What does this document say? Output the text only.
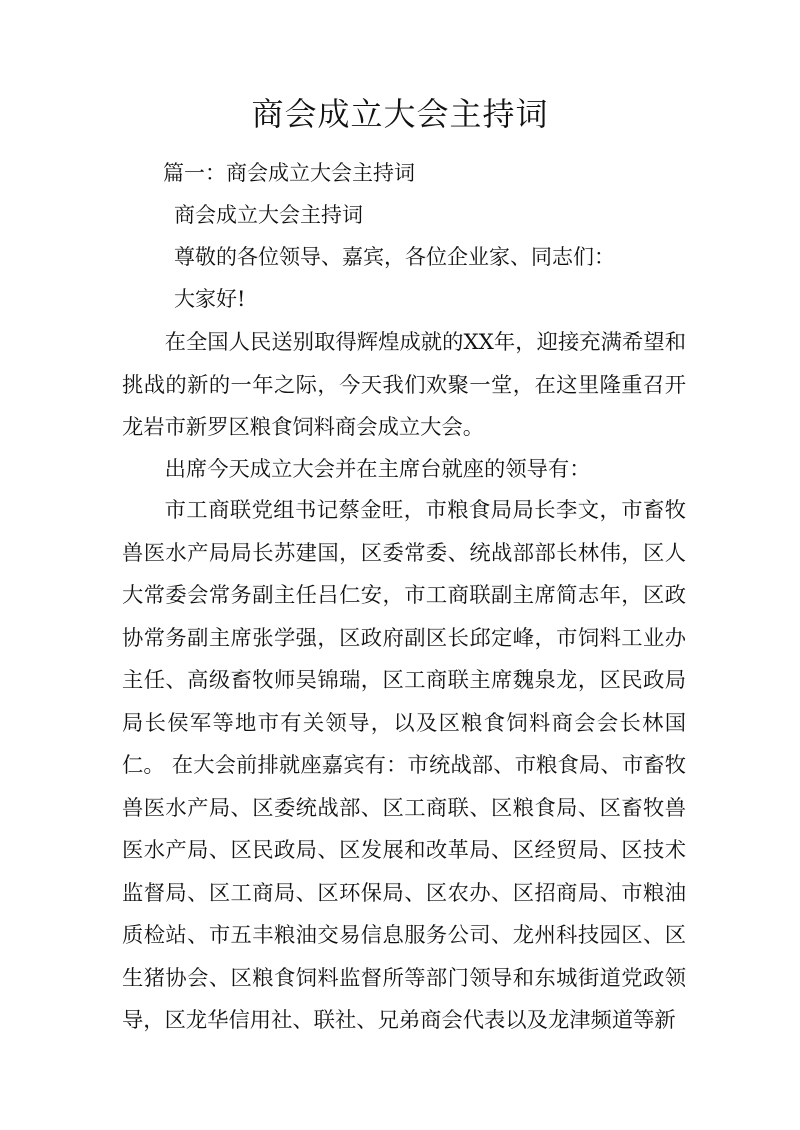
商会成立大会主持词

篇一：商会成立大会主持词

商会成立大会主持词

尊敬的各位领导、嘉宾，各位企业家、同志们：

大家好!

在全国人民送别取得辉煌成就的XX年，迎接充满希望和挑战的新的一年之际，今天我们欢聚一堂，在这里隆重召开龙岩市新罗区粮食饲料商会成立大会。

出席今天成立大会并在主席台就座的领导有：

市工商联党组书记蔡金旺，市粮食局局长李文，市畜牧兽医水产局局长苏建国，区委常委、统战部部长林伟，区人大常委会常务副主任吕仁安，市工商联副主席简志年，区政协常务副主席张学强，区政府副区长邱定峰，市饲料工业办主任、高级畜牧师吴锦瑞，区工商联主席魏泉龙，区民政局局长侯军等地市有关领导，以及区粮食饲料商会会长林国仁。 在大会前排就座嘉宾有：市统战部、市粮食局、市畜牧兽医水产局、区委统战部、区工商联、区粮食局、区畜牧兽医水产局、区民政局、区发展和改革局、区经贸局、区技术监督局、区工商局、区环保局、区农办、区招商局、市粮油质检站、市五丰粮油交易信息服务公司、龙州科技园区、区生猪协会、区粮食饲料监督所等部门领导和东城街道党政领导，区龙华信用社、联社、兄弟商会代表以及龙津频道等新
